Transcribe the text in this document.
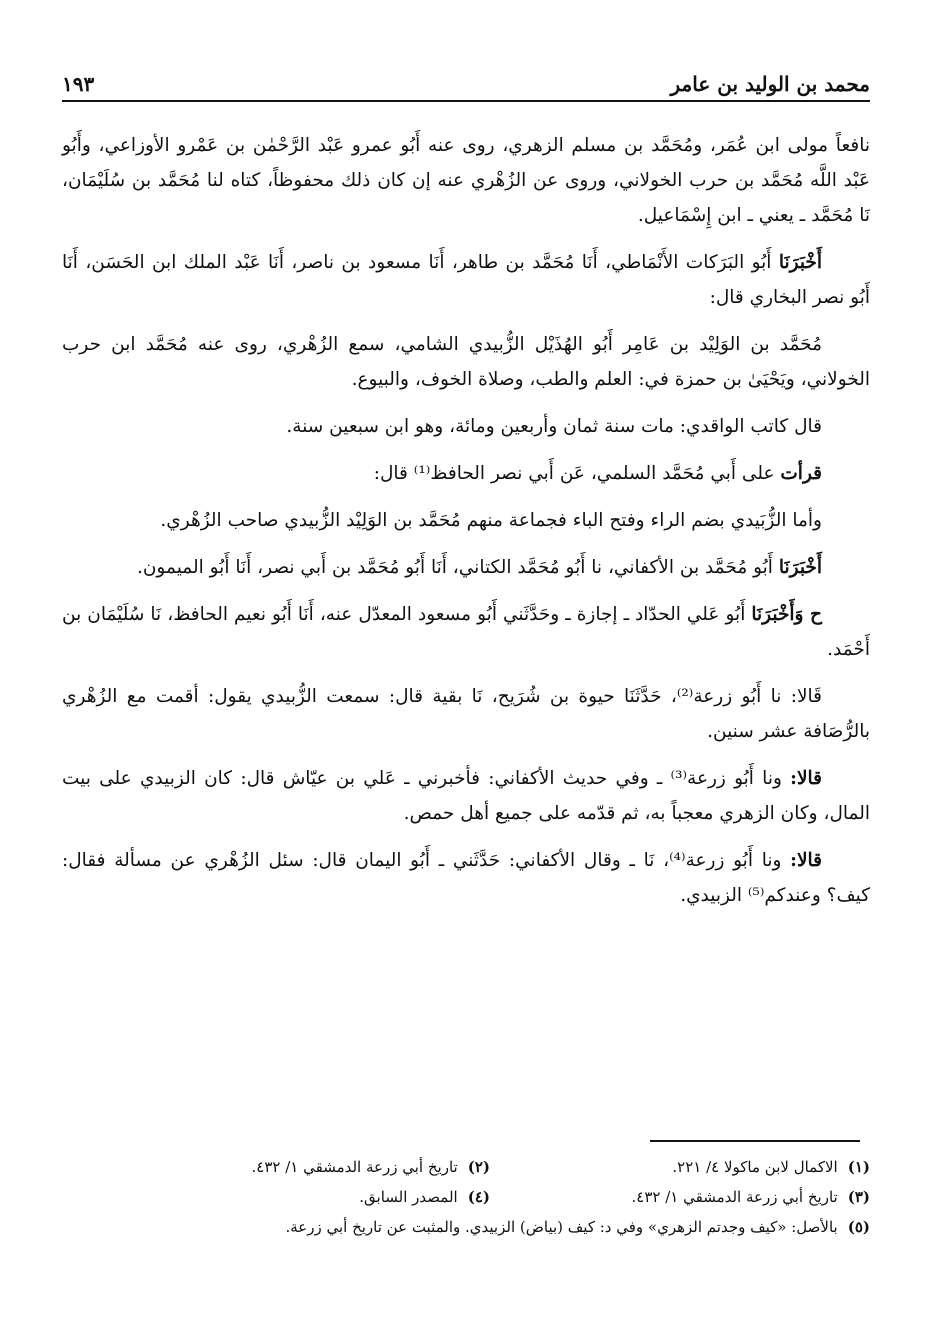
محمد بن الوليد بن عامر
١٩٣

نافعاً مولى ابن عُمَر، ومُحَمَّد بن مسلم الزهري، روى عنه أَبُو عمرو عَبْد الرَّحْمٰن بن عَمْرو الأوزاعي، وأَبُو عَبْد اللَّه مُحَمَّد بن حرب الخولاني، وروى عن الزُهْري عنه إن كان ذلك محفوظاً، كتاه لنا مُحَمَّد بن سُلَيْمَان، نَا مُحَمَّد ـ يعني ـ ابن إِسْمَاعيل.

أَخْبَرَنَا أَبُو البَرَكات الأَنْمَاطي، أَنَا مُحَمَّد بن طاهر، أَنَا مسعود بن ناصر، أَنَا عَبْد الملك ابن الحَسَن، أَنَا أَبُو نصر البخاري قال:

مُحَمَّد بن الوَلِيْد بن عَامِر أَبُو الهُذَيْل الزُّبيدي الشامي، سمع الزُهْري، روى عنه مُحَمَّد ابن حرب الخولاني، ويَحْيَىٰ بن حمزة في: العلم والطب، وصلاة الخوف، والبيوع.

قال كاتب الواقدي: مات سنة ثمان وأربعين ومائة، وهو ابن سبعين سنة.

قرأت على أَبي مُحَمَّد السلمي، عَن أَبي نصر الحافظ⁽¹⁾ قال:

وأما الزُّبَيدي بضم الراء وفتح الباء فجماعة منهم مُحَمَّد بن الوَلِيْد الزُّبيدي صاحب الزُهْري.

أَخْبَرَنَا أَبُو مُحَمَّد بن الأكفاني، نا أَبُو مُحَمَّد الكتاني، أَنَا أَبُو مُحَمَّد بن أَبي نصر، أَنَا أَبُو الميمون.

ح وَأَخْبَرَنَا أَبُو عَلي الحدّاد ـ إجازة ـ وحَدَّثَني أَبُو مسعود المعدّل عنه، أَنَا أَبُو نعيم الحافظ، نَا سُلَيْمَان بن أَحْمَد.

قَالا: نا أَبُو زرعة⁽²⁾، حَدَّثَنَا حيوة بن شُرَيح، نَا بقية قال: سمعت الزُّبيدي يقول: أقمت مع الزُهْري بالرُّصَافة عشر سنين.

قالا: ونا أَبُو زرعة⁽³⁾ ـ وفي حديث الأكفاني: فأخبرني ـ عَلي بن عيّاش قال: كان الزبيدي على بيت المال، وكان الزهري معجباً به، ثم قدّمه على جميع أهل حمص.

قالا: ونا أَبُو زرعة⁽⁴⁾، نَا ـ وقال الأكفاني: حَدَّثَني ـ أَبُو اليمان قال: سئل الزُهْري عن مسألة فقال: كيف؟ وعندكم⁽⁵⁾ الزبيدي.

(١)الاكمال لابن ماكولا ٤/ ٢٢١.
(٢)تاريخ أبي زرعة الدمشقي ١/ ٤٣٢.
(٣)تاريخ أبي زرعة الدمشقي ١/ ٤٣٢.
(٤)المصدر السابق.
(٥)بالأصل: «كيف وجدتم الزهري» وفي د: كيف (بياض) الزبيدي. والمثبت عن تاريخ أبي زرعة.
